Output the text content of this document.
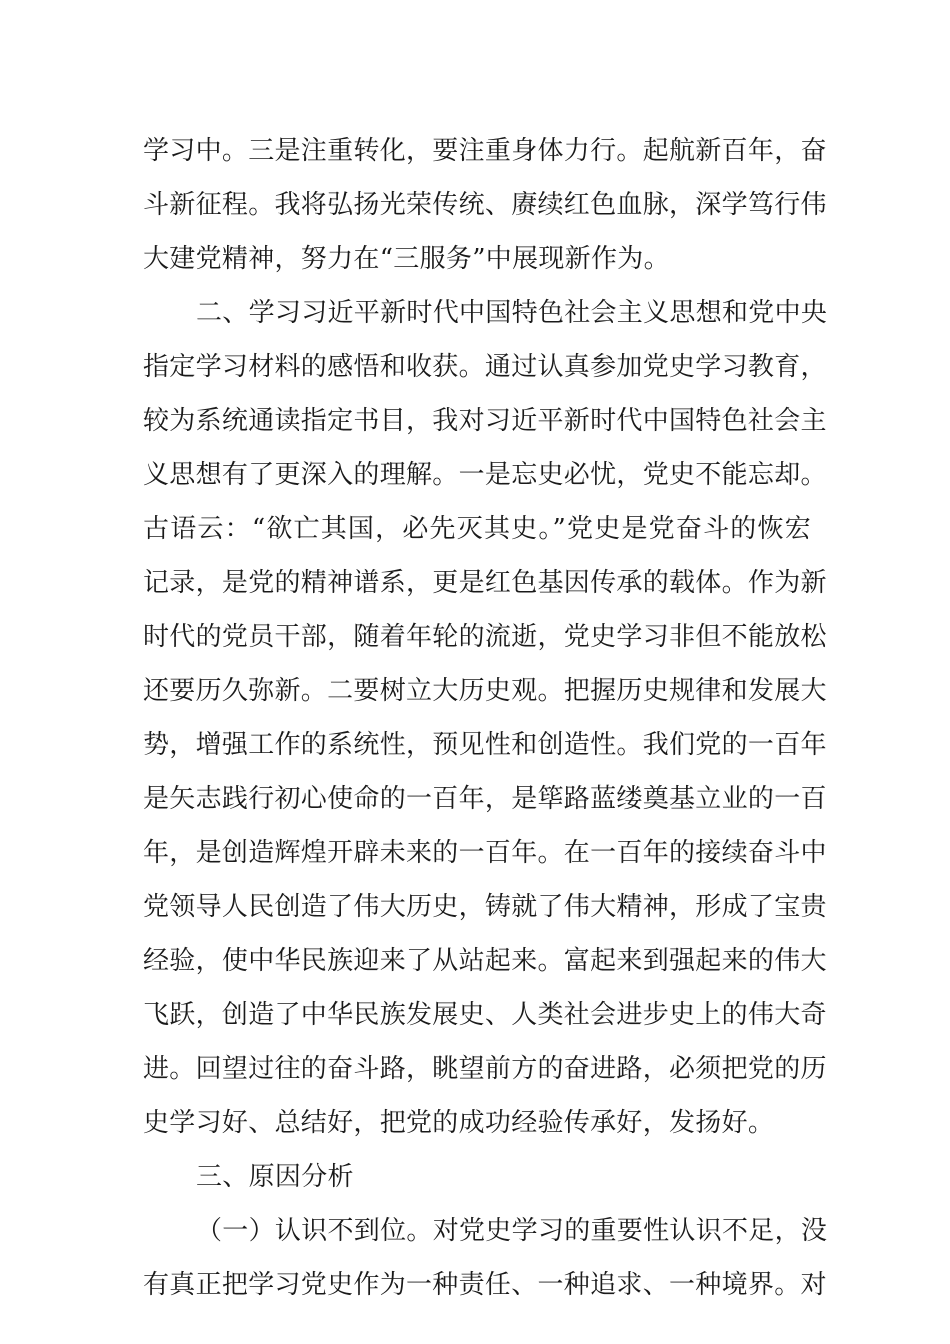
学习中。三是注重转化，要注重身体力行。起航新百年，奋
斗新征程。我将弘扬光荣传统、赓续红色血脉，深学笃行伟
大建党精神，努力在“三服务”中展现新作为。
二、学习习近平新时代中国特色社会主义思想和党中央
指定学习材料的感悟和收获。通过认真参加党史学习教育，
较为系统通读指定书目，我对习近平新时代中国特色社会主
义思想有了更深入的理解。一是忘史必忧，党史不能忘却。
古语云：“欲亡其国，必先灭其史。”党史是党奋斗的恢宏
记录，是党的精神谱系，更是红色基因传承的载体。作为新
时代的党员干部，随着年轮的流逝，党史学习非但不能放松
还要历久弥新。二要树立大历史观。把握历史规律和发展大
势，增强工作的系统性，预见性和创造性。我们党的一百年
是矢志践行初心使命的一百年，是筚路蓝缕奠基立业的一百
年，是创造辉煌开辟未来的一百年。在一百年的接续奋斗中
党领导人民创造了伟大历史，铸就了伟大精神，形成了宝贵
经验，使中华民族迎来了从站起来。富起来到强起来的伟大
飞跃，创造了中华民族发展史、人类社会进步史上的伟大奇
进。回望过往的奋斗路，眺望前方的奋进路，必须把党的历
史学习好、总结好，把党的成功经验传承好，发扬好。
三、原因分析
（一）认识不到位。对党史学习的重要性认识不足，没
有真正把学习党史作为一种责任、一种追求、一种境界。对
